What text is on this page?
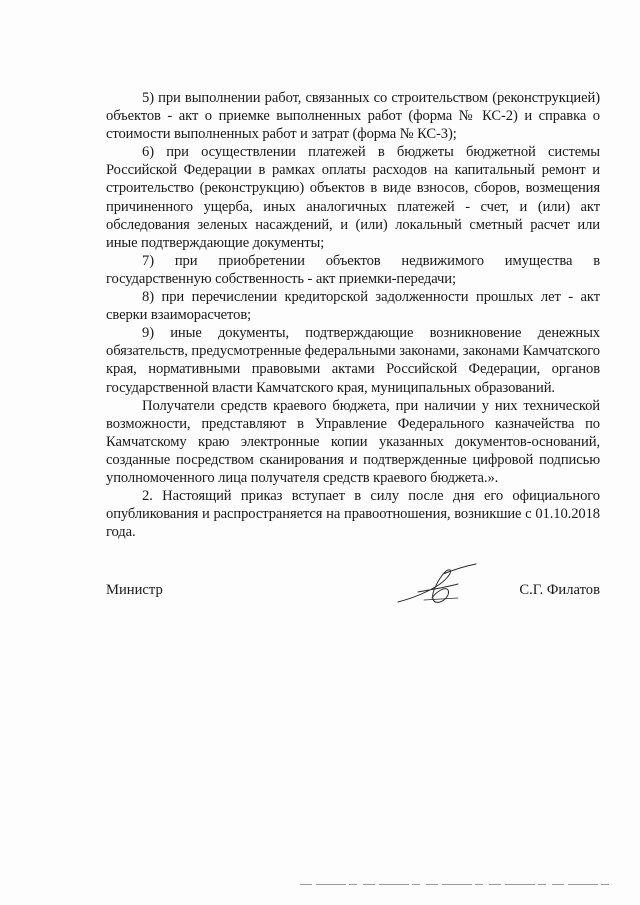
5) при выполнении работ, связанных со строительством (реконструкцией) объектов - акт о приемке выполненных работ (форма № КС-2) и справка о стоимости выполненных работ и затрат (форма № КС-3);

6) при осуществлении платежей в бюджеты бюджетной системы Российской Федерации в рамках оплаты расходов на капитальный ремонт и строительство (реконструкцию) объектов в виде взносов, сборов, возмещения причиненного ущерба, иных аналогичных платежей - счет, и (или) акт обследования зеленых насаждений, и (или) локальный сметный расчет или иные подтверждающие документы;

7) при приобретении объектов недвижимого имущества в государственную собственность - акт приемки-передачи;

8) при перечислении кредиторской задолженности прошлых лет - акт сверки взаиморасчетов;

9) иные документы, подтверждающие возникновение денежных обязательств, предусмотренные федеральными законами, законами Камчатского края, нормативными правовыми актами Российской Федерации, органов государственной власти Камчатского края, муниципальных образований.

Получатели средств краевого бюджета, при наличии у них технической возможности, представляют в Управление Федерального казначейства по Камчатскому краю электронные копии указанных документов-оснований, созданные посредством сканирования и подтвержденные цифровой подписью уполномоченного лица получателя средств краевого бюджета.».

2. Настоящий приказ вступает в силу после дня его официального опубликования и распространяется на правоотношения, возникшие с 01.10.2018 года.

Министр	С.Г. Филатов
